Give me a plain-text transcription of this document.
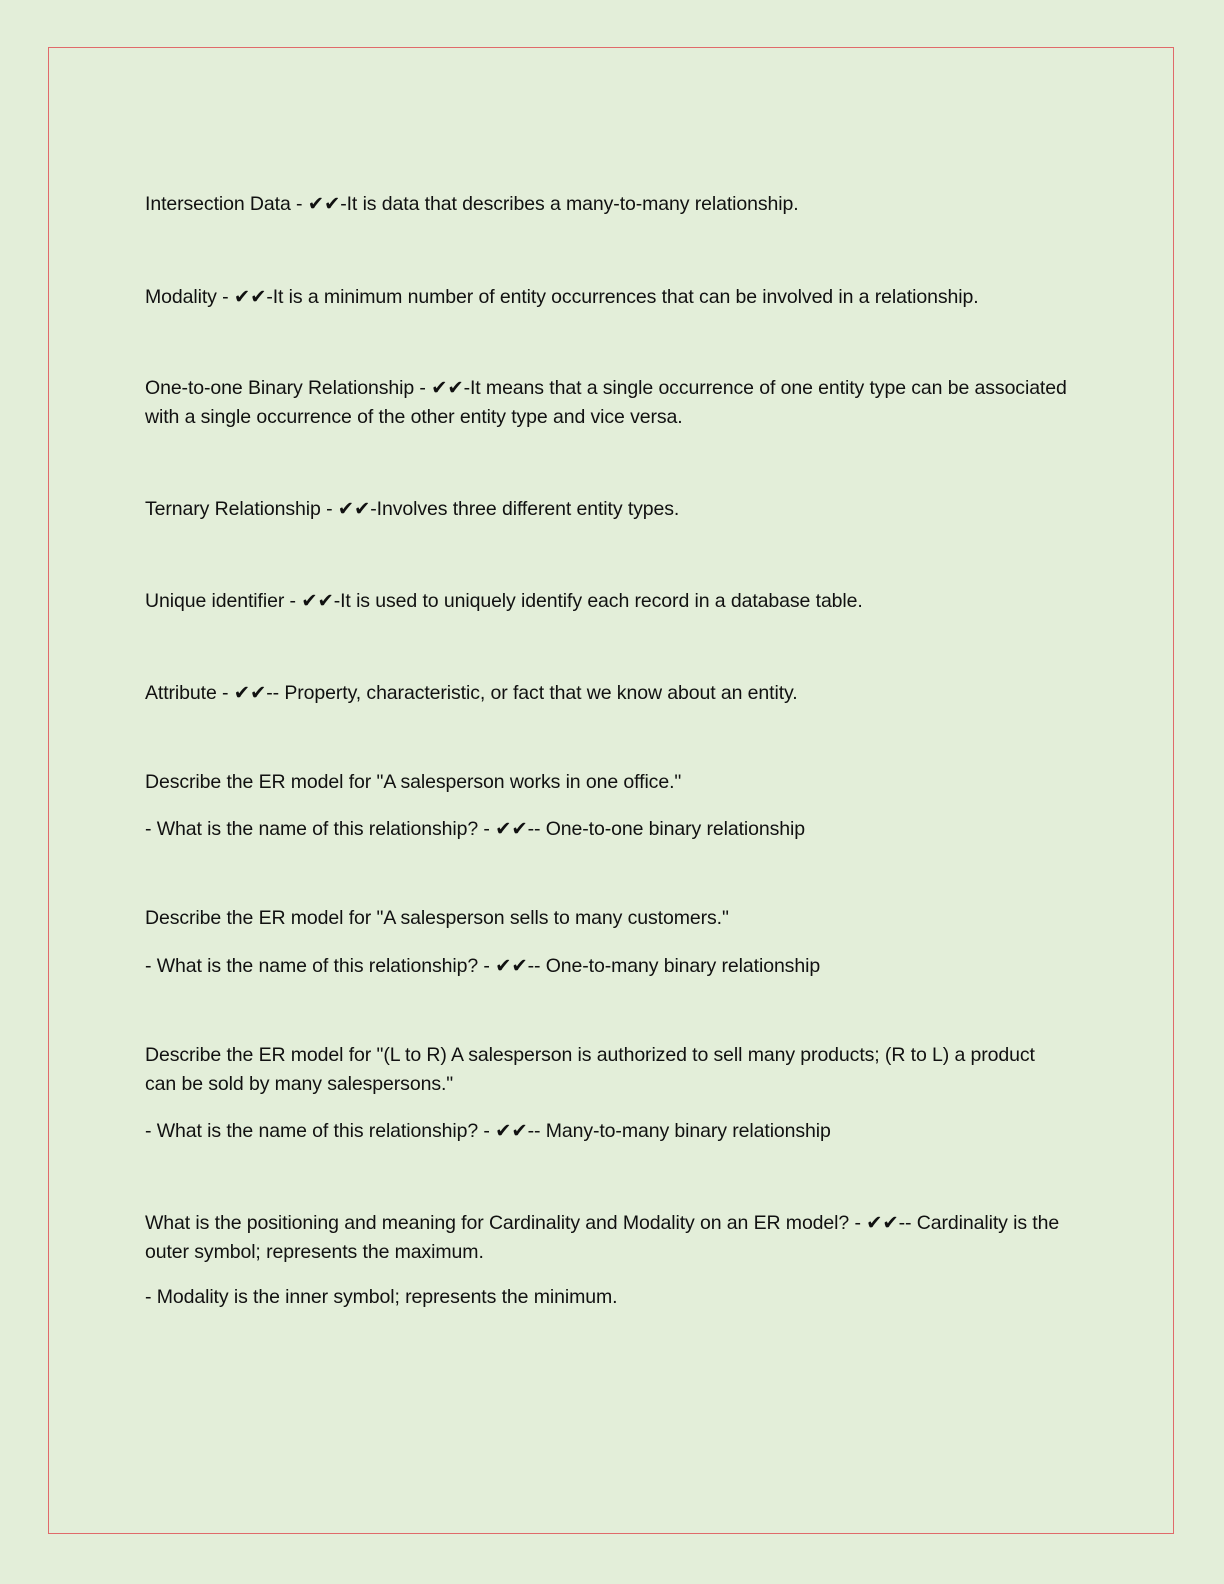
Intersection Data - ✔✔-It is data that describes a many-to-many relationship.

Modality - ✔✔-It is a minimum number of entity occurrences that can be involved in a relationship.

One-to-one Binary Relationship - ✔✔-It means that a single occurrence of one entity type can be associated with a single occurrence of the other entity type and vice versa.

Ternary Relationship - ✔✔-Involves three different entity types.

Unique identifier - ✔✔-It is used to uniquely identify each record in a database table.

Attribute - ✔✔-- Property, characteristic, or fact that we know about an entity.

Describe the ER model for "A salesperson works in one office."

- What is the name of this relationship? - ✔✔-- One-to-one binary relationship

Describe the ER model for "A salesperson sells to many customers."

- What is the name of this relationship? - ✔✔-- One-to-many binary relationship

Describe the ER model for "(L to R) A salesperson is authorized to sell many products; (R to L) a product can be sold by many salespersons."

- What is the name of this relationship? - ✔✔-- Many-to-many binary relationship

What is the positioning and meaning for Cardinality and Modality on an ER model? - ✔✔-- Cardinality is the outer symbol; represents the maximum.

- Modality is the inner symbol; represents the minimum.
